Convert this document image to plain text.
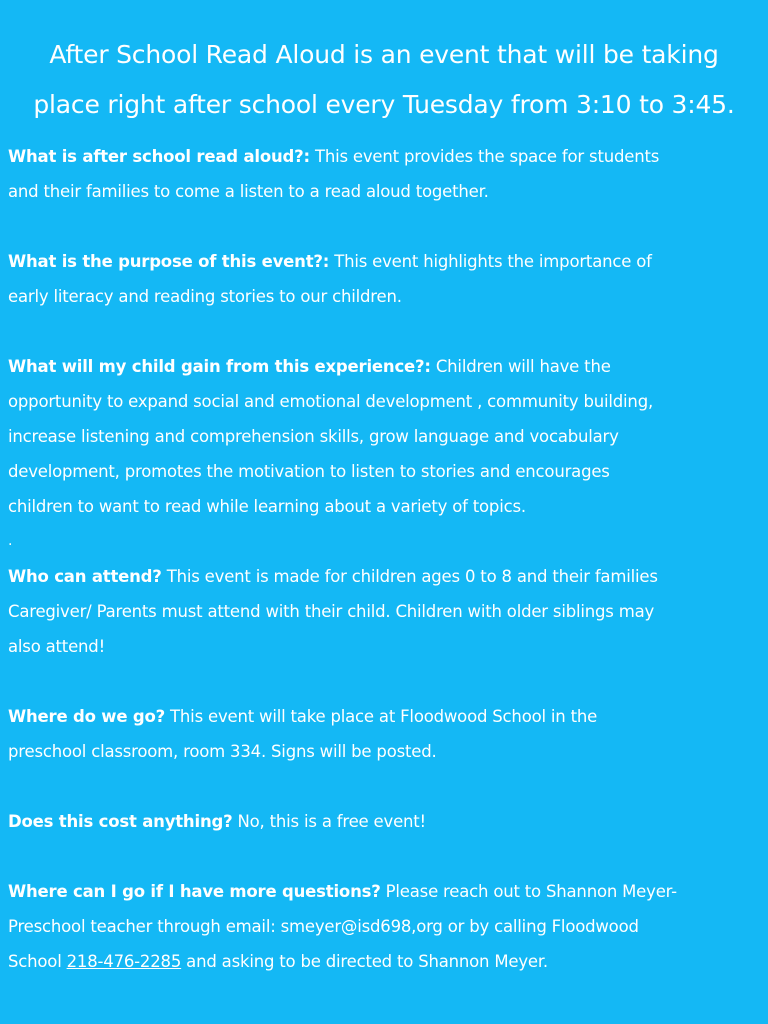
After School Read Aloud is an event that will be taking
place right after school every Tuesday from 3:10 to 3:45.

What is after school read aloud?: This event provides the space for students
and their families to come a listen to a read aloud together.

What is the purpose of this event?: This event highlights the importance of
early literacy and reading stories to our children.

What will my child gain from this experience?: Children will have the
opportunity to expand social and emotional development , community building,
increase listening and comprehension skills, grow language and vocabulary
development, promotes the motivation to listen to stories and encourages
children to want to read while learning about a variety of topics.

.
Who can attend? This event is made for children ages 0 to 8 and their families
Caregiver/ Parents must attend with their child. Children with older siblings may
also attend!

Where do we go? This event will take place at Floodwood School in the
preschool classroom, room 334. Signs will be posted.

Does this cost anything? No, this is a free event!

Where can I go if I have more questions? Please reach out to Shannon Meyer-
Preschool teacher through email: smeyer@isd698,org or by calling Floodwood
School 218-476-2285 and asking to be directed to Shannon Meyer.
